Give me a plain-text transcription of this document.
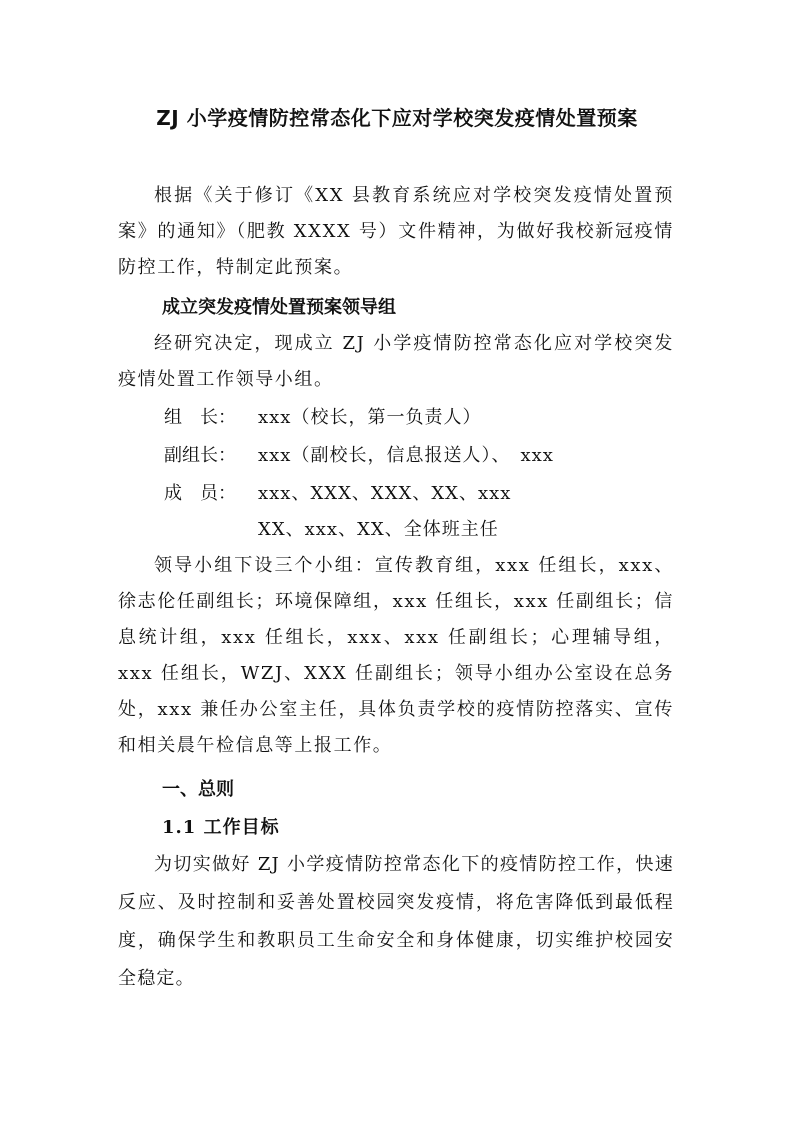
ZJ 小学疫情防控常态化下应对学校突发疫情处置预案
根据《关于修订《XX 县教育系统应对学校突发疫情处置预案》的通知》（肥教 XXXX 号）文件精神，为做好我校新冠疫情防控工作，特制定此预案。
成立突发疫情处置预案领导组
经研究决定，现成立 ZJ 小学疫情防控常态化应对学校突发疫情处置工作领导小组。
组　长： xxx（校长，第一负责人）
副组长： xxx（副校长，信息报送人）、　xxx
成　员： xxx、XXX、XXX、XX、xxx
XX、xxx、XX、全体班主任
领导小组下设三个小组：宣传教育组，xxx 任组长，xxx、徐志伦任副组长；环境保障组，xxx 任组长，xxx 任副组长；信息统计组，xxx 任组长，xxx、xxx 任副组长；心理辅导组，xxx 任组长，WZJ、XXX 任副组长；领导小组办公室设在总务处，xxx 兼任办公室主任，具体负责学校的疫情防控落实、宣传和相关晨午检信息等上报工作。
一、总则
1.1 工作目标
为切实做好 ZJ 小学疫情防控常态化下的疫情防控工作，快速反应、及时控制和妥善处置校园突发疫情，将危害降低到最低程度，确保学生和教职员工生命安全和身体健康，切实维护校园安全稳定。
